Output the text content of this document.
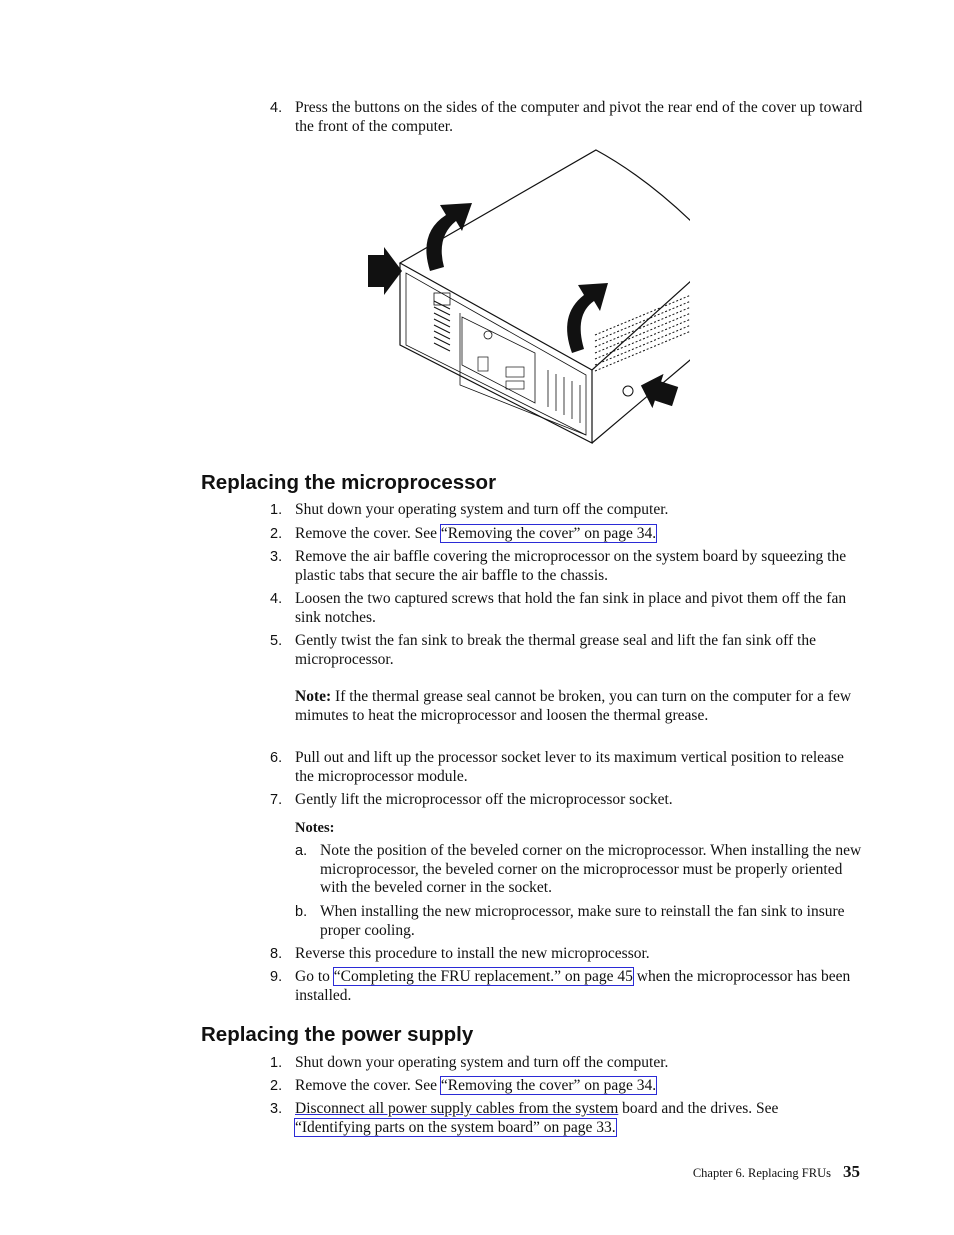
4. Press the buttons on the sides of the computer and pivot the rear end of the cover up toward the front of the computer.
Replacing the microprocessor
1. Shut down your operating system and turn off the computer.
2. Remove the cover. See “Removing the cover” on page 34.
3. Remove the air baffle covering the microprocessor on the system board by squeezing the plastic tabs that secure the air baffle to the chassis.
4. Loosen the two captured screws that hold the fan sink in place and pivot them off the fan sink notches.
5. Gently twist the fan sink to break the thermal grease seal and lift the fan sink off the microprocessor.
Note: If the thermal grease seal cannot be broken, you can turn on the computer for a few mimutes to heat the microprocessor and loosen the thermal grease.
6. Pull out and lift up the processor socket lever to its maximum vertical position to release the microprocessor module.
7. Gently lift the microprocessor off the microprocessor socket.
Notes:
a. Note the position of the beveled corner on the microprocessor. When installing the new microprocessor, the beveled corner on the microprocessor must be properly oriented with the beveled corner in the socket.
b. When installing the new microprocessor, make sure to reinstall the fan sink to insure proper cooling.
8. Reverse this procedure to install the new microprocessor.
9. Go to “Completing the FRU replacement.” on page 45 when the microprocessor has been installed.
Replacing the power supply
1. Shut down your operating system and turn off the computer.
2. Remove the cover. See “Removing the cover” on page 34.
3. Disconnect all power supply cables from the system board and the drives. See
“Identifying parts on the system board” on page 33.
Chapter 6. Replacing FRUs 35
